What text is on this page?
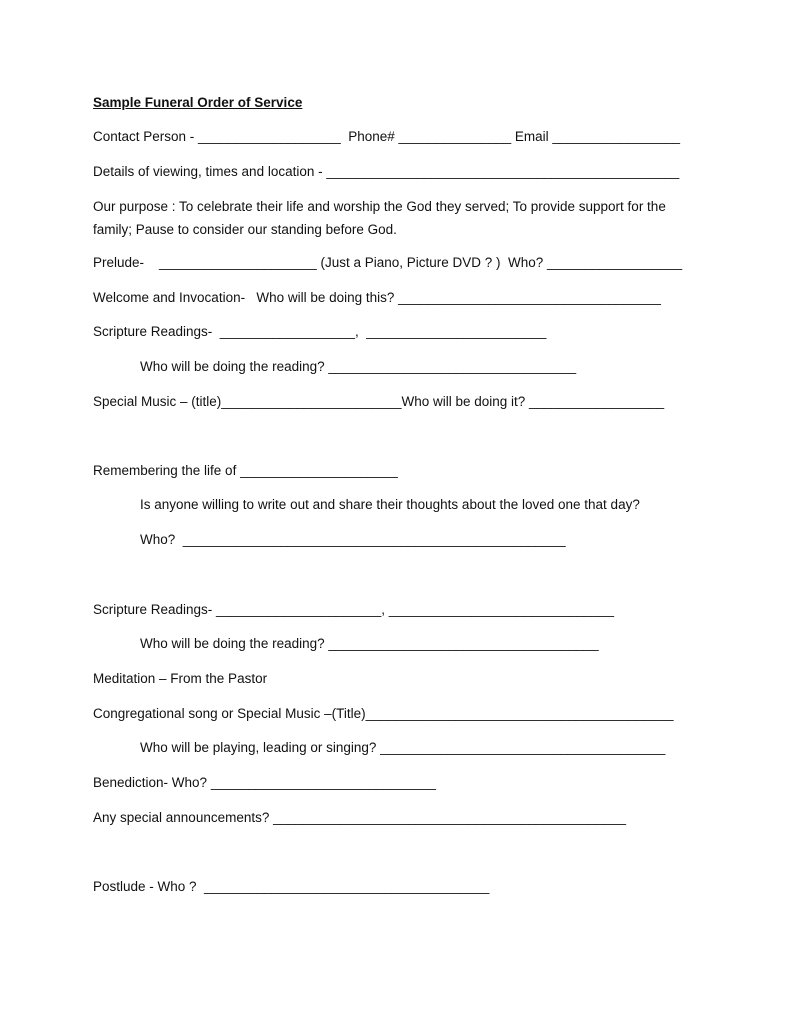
Sample Funeral Order of Service
Contact Person - ___________________  Phone# _______________ Email _________________
Details of viewing, times and location - _______________________________________________
Our purpose : To celebrate their life and worship the God they served; To provide support for the family; Pause to consider our standing before God.
Prelude-    _____________________ (Just a Piano, Picture DVD ? )  Who? __________________
Welcome and Invocation-   Who will be doing this? ___________________________________
Scripture Readings-  __________________,  ________________________
Who will be doing the reading? _________________________________
Special Music – (title)________________________Who will be doing it? __________________
Remembering the life of _____________________
Is anyone willing to write out and share their thoughts about the loved one that day?
Who?  ___________________________________________________
Scripture Readings- ______________________, ______________________________
Who will be doing the reading? ____________________________________
Meditation – From the Pastor
Congregational song or Special Music –(Title)_________________________________________
Who will be playing, leading or singing? ______________________________________
Benediction- Who? ______________________________
Any special announcements? _______________________________________________
Postlude - Who ?  ______________________________________
